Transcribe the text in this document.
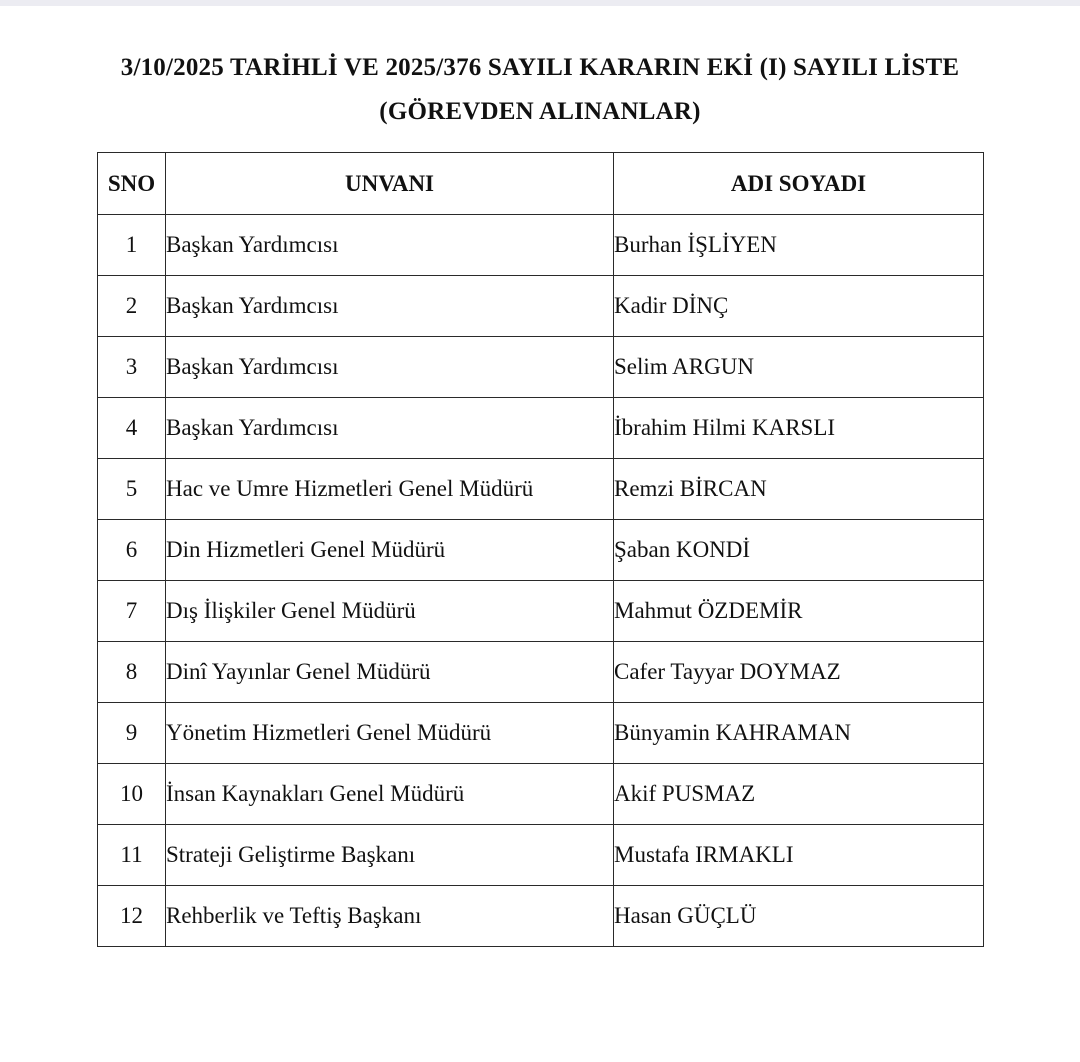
3/10/2025 TARİHLİ VE 2025/376 SAYILI KARARIN EKİ (I) SAYILI LİSTE
(GÖREVDEN ALINANLAR)
SNO	UNVANI	ADI SOYADI
1	Başkan Yardımcısı	Burhan İŞLİYEN
2	Başkan Yardımcısı	Kadir DİNÇ
3	Başkan Yardımcısı	Selim ARGUN
4	Başkan Yardımcısı	İbrahim Hilmi KARSLI
5	Hac ve Umre Hizmetleri Genel Müdürü	Remzi BİRCAN
6	Din Hizmetleri Genel Müdürü	Şaban KONDİ
7	Dış İlişkiler Genel Müdürü	Mahmut ÖZDEMİR
8	Dinî Yayınlar Genel Müdürü	Cafer Tayyar DOYMAZ
9	Yönetim Hizmetleri Genel Müdürü	Bünyamin KAHRAMAN
10	İnsan Kaynakları Genel Müdürü	Akif PUSMAZ
11	Strateji Geliştirme Başkanı	Mustafa IRMAKLI
12	Rehberlik ve Teftiş Başkanı	Hasan GÜÇLÜ
